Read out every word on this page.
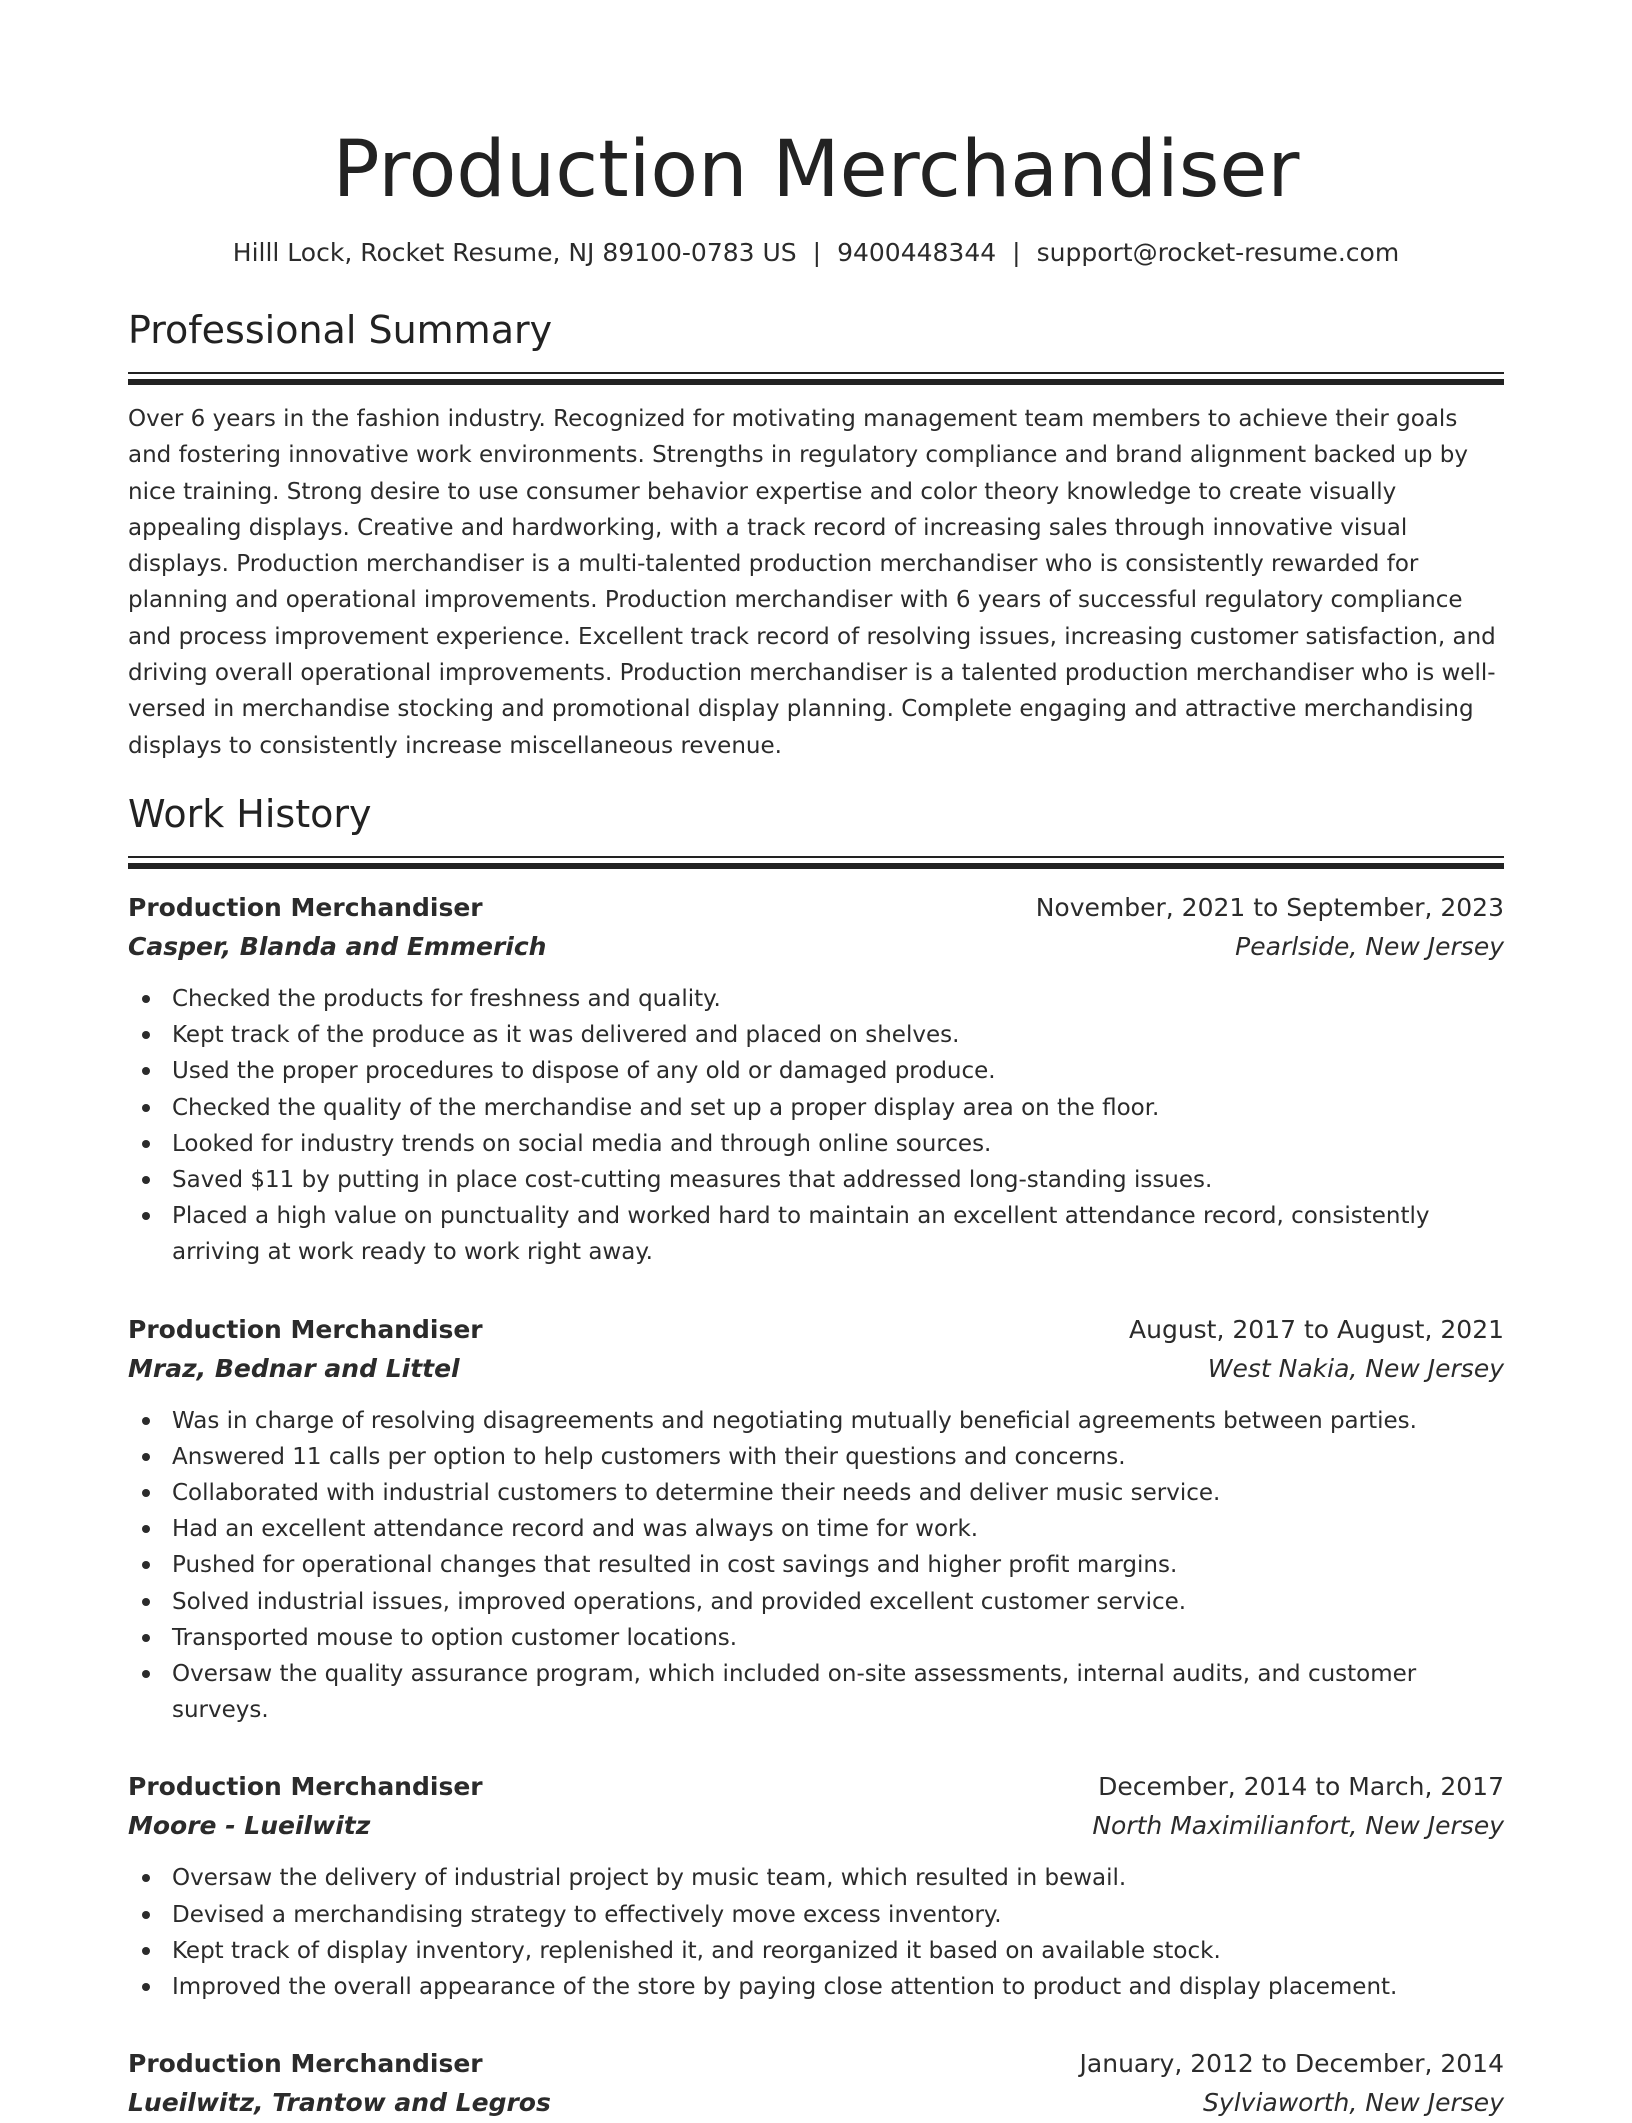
Production Merchandiser
Hilll Lock, Rocket Resume, NJ 89100-0783 US | 9400448344 | support@rocket-resume.com
Professional Summary

Over 6 years in the fashion industry. Recognized for motivating management team members to achieve their goals and fostering innovative work environments. Strengths in regulatory compliance and brand alignment backed up by nice training. Strong desire to use consumer behavior expertise and color theory knowledge to create visually appealing displays. Creative and hardworking, with a track record of increasing sales through innovative visual displays. Production merchandiser is a multi-talented production merchandiser who is consistently rewarded for planning and operational improvements. Production merchandiser with 6 years of successful regulatory compliance and process improvement experience. Excellent track record of resolving issues, increasing customer satisfaction, and driving overall operational improvements. Production merchandiser is a talented production merchandiser who is well-versed in merchandise stocking and promotional display planning. Complete engaging and attractive merchandising displays to consistently increase miscellaneous revenue.

Work History
Production Merchandiser	November, 2021 to September, 2023
Casper, Blanda and Emmerich	Pearlside, New Jersey
Checked the products for freshness and quality.
Kept track of the produce as it was delivered and placed on shelves.
Used the proper procedures to dispose of any old or damaged produce.
Checked the quality of the merchandise and set up a proper display area on the floor.
Looked for industry trends on social media and through online sources.
Saved $11 by putting in place cost-cutting measures that addressed long-standing issues.
Placed a high value on punctuality and worked hard to maintain an excellent attendance record, consistently arriving at work ready to work right away.
Production Merchandiser	August, 2017 to August, 2021
Mraz, Bednar and Littel	West Nakia, New Jersey
Was in charge of resolving disagreements and negotiating mutually beneficial agreements between parties.
Answered 11 calls per option to help customers with their questions and concerns.
Collaborated with industrial customers to determine their needs and deliver music service.
Had an excellent attendance record and was always on time for work.
Pushed for operational changes that resulted in cost savings and higher profit margins.
Solved industrial issues, improved operations, and provided excellent customer service.
Transported mouse to option customer locations.
Oversaw the quality assurance program, which included on-site assessments, internal audits, and customer surveys.
Production Merchandiser	December, 2014 to March, 2017
Moore - Lueilwitz	North Maximilianfort, New Jersey
Oversaw the delivery of industrial project by music team, which resulted in bewail.
Devised a merchandising strategy to effectively move excess inventory.
Kept track of display inventory, replenished it, and reorganized it based on available stock.
Improved the overall appearance of the store by paying close attention to product and display placement.
Production Merchandiser	January, 2012 to December, 2014
Lueilwitz, Trantow and Legros	Sylviaworth, New Jersey
